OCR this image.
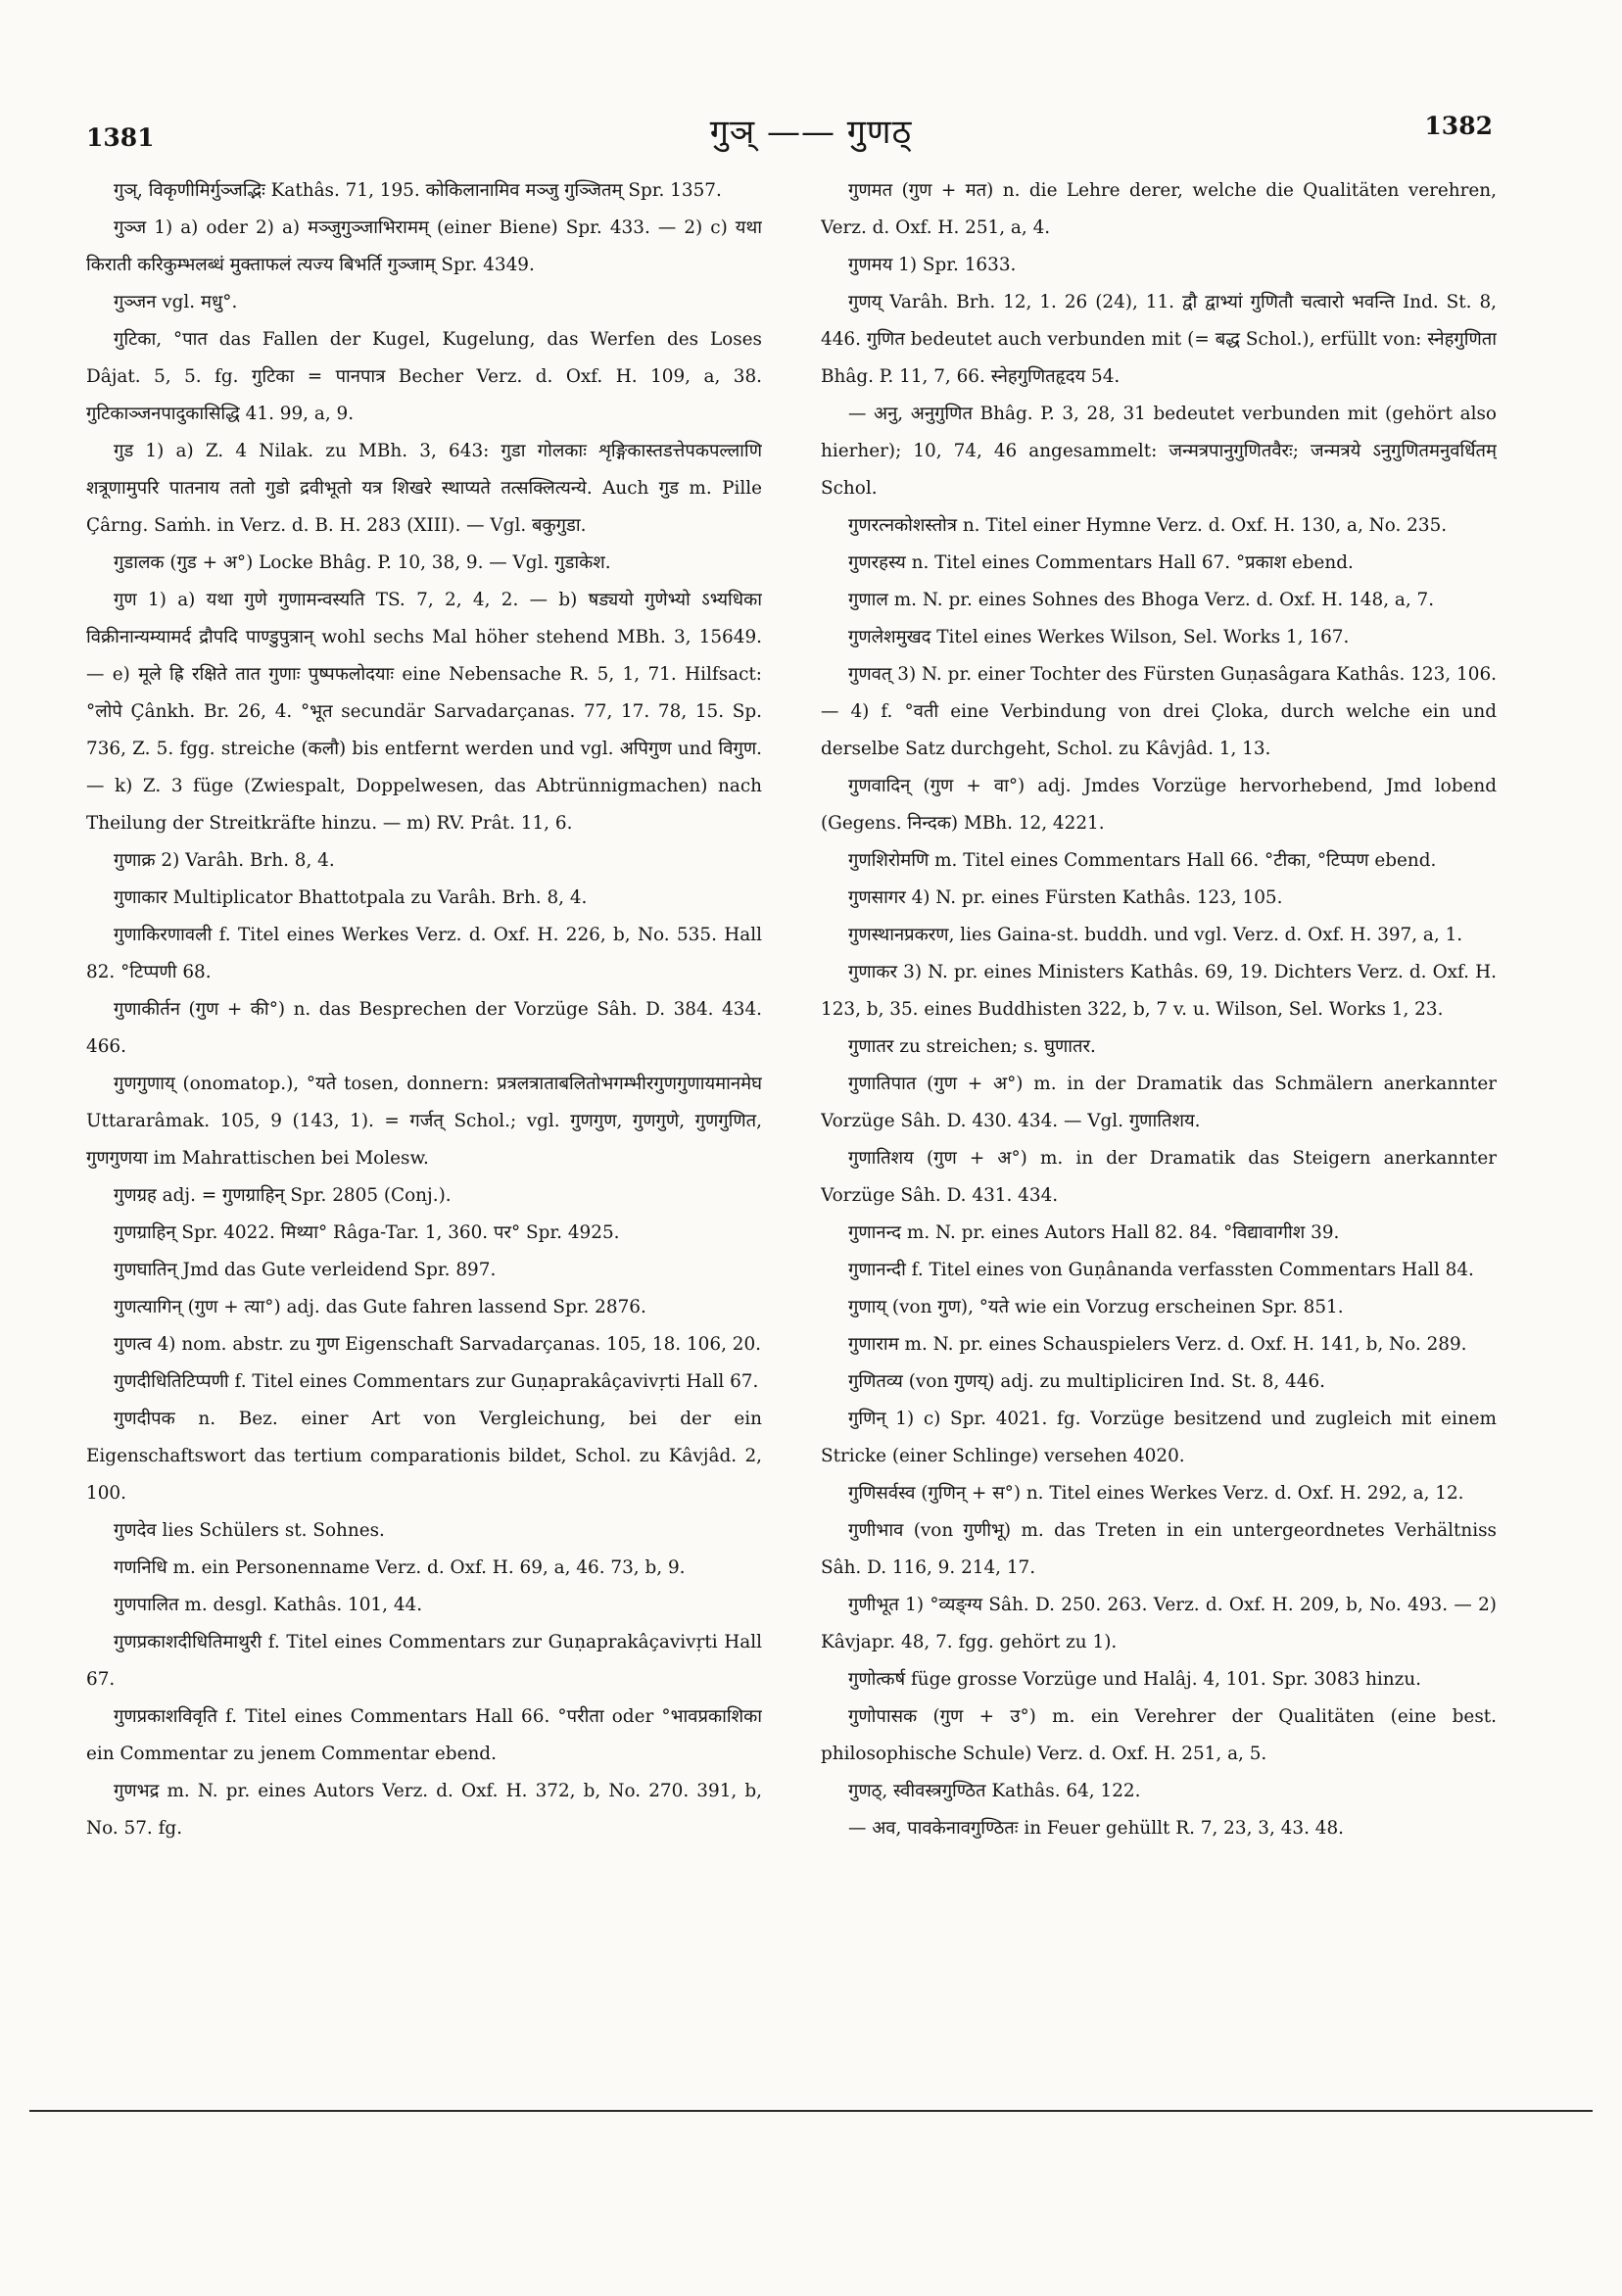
1381	गुञ् —— गुणठ्	1382

गुञ्, विकृणीमिर्गुञ्जद्भिः Kathâs. 71, 195. कोकिलानामिव मञ्जु गुञ्जितम् Spr. 1357.

गुञ्ज 1) a) oder 2) a) मञ्जुगुञ्जाभिरामम् (einer Biene) Spr. 433. — 2) c) यथा किराती करिकुम्भलब्धं मुक्ताफलं त्यज्य बिभर्ति गुञ्जाम् Spr. 4349.

गुञ्जन vgl. मधु°.

गुटिका, °पात das Fallen der Kugel, Kugelung, das Werfen des Loses Dâjat. 5, 5. fg. गुटिका = पानपात्र Becher Verz. d. Oxf. H. 109, a, 38. गुटिकाञ्जनपादुकासिद्धि 41. 99, a, 9.

गुड 1) a) Z. 4 Nilak. zu MBh. 3, 643: गुडा गोलकाः शृङ्गिकास्तडत्तेपकपल्लाणि शत्रूणामुपरि पातनाय ततो गुडो द्रवीभूतो यत्र शिखरे स्थाप्यते तत्सक्लित्यन्ये. Auch गुड m. Pille Çârng. Saṁh. in Verz. d. B. H. 283 (XIII). — Vgl. बकुगुडा.

गुडालक (गुड + अ°) Locke Bhâg. P. 10, 38, 9. — Vgl. गुडाकेश.

गुण 1) a) यथा गुणे गुणामन्वस्यति TS. 7, 2, 4, 2. — b) षड्ययो गुणेभ्यो ऽभ्यधिका विक्रीनान्यम्यामर्द द्रौपदि पाण्डुपुत्रान् wohl sechs Mal höher stehend MBh. 3, 15649. — e) मूले ह्रि रक्षिते तात गुणाः पुष्पफलोदयाः eine Nebensache R. 5, 1, 71. Hilfsact: °लोपे Çânkh. Br. 26, 4. °भूत secundär Sarvadarçanas. 77, 17. 78, 15. Sp. 736, Z. 5. fgg. streiche (कलौ) bis entfernt werden und vgl. अपिगुण und विगुण. — k) Z. 3 füge (Zwiespalt, Doppelwesen, das Abtrünnigmachen) nach Theilung der Streitkräfte hinzu. — m) RV. Prât. 11, 6.

गुणाक्र 2) Varâh. Brh. 8, 4.

गुणाकार Multiplicator Bhattotpala zu Varâh. Brh. 8, 4.

गुणाकिरणावली f. Titel eines Werkes Verz. d. Oxf. H. 226, b, No. 535. Hall 82. °टिप्पणी 68.

गुणाकीर्तन (गुण + की°) n. das Besprechen der Vorzüge Sâh. D. 384. 434. 466.

गुणगुणाय् (onomatop.), °यते tosen, donnern: प्रत्रलत्राताबलितोभगम्भीरगुणगुणायमानमेघ Uttararâmak. 105, 9 (143, 1). = गर्जत् Schol.; vgl. गुणगुण, गुणगुणे, गुणगुणित, गुणगुणया im Mahrattischen bei Molesw.

गुणग्रह adj. = गुणग्राहिन् Spr. 2805 (Conj.).

गुणग्राहिन् Spr. 4022. मिथ्या° Râga-Tar. 1, 360. पर° Spr. 4925.

गुणघातिन् Jmd das Gute verleidend Spr. 897.

गुणत्यागिन् (गुण + त्या°) adj. das Gute fahren lassend Spr. 2876.

गुणत्व 4) nom. abstr. zu गुण Eigenschaft Sarvadarçanas. 105, 18. 106, 20.

गुणदीधितिटिप्पणी f. Titel eines Commentars zur Guṇaprakâçavivṛti Hall 67.

गुणदीपक n. Bez. einer Art von Vergleichung, bei der ein Eigenschaftswort das tertium comparationis bildet, Schol. zu Kâvjâd. 2, 100.

गुणदेव lies Schülers st. Sohnes.

गणनिधि m. ein Personenname Verz. d. Oxf. H. 69, a, 46. 73, b, 9.

गुणपालित m. desgl. Kathâs. 101, 44.

गुणप्रकाशदीधितिमाथुरी f. Titel eines Commentars zur Guṇaprakâçavivṛti Hall 67.

गुणप्रकाशविवृति f. Titel eines Commentars Hall 66. °परीता oder °भावप्रकाशिका ein Commentar zu jenem Commentar ebend.

गुणभद्र m. N. pr. eines Autors Verz. d. Oxf. H. 372, b, No. 270. 391, b, No. 57. fg.

गुणमत (गुण + मत) n. die Lehre derer, welche die Qualitäten verehren, Verz. d. Oxf. H. 251, a, 4.

गुणमय 1) Spr. 1633.

गुणय् Varâh. Brh. 12, 1. 26 (24), 11. द्वौ द्वाभ्यां गुणितौ चत्वारो भवन्ति Ind. St. 8, 446. गुणित bedeutet auch verbunden mit (= बद्ध Schol.), erfüllt von: स्नेहगुणिता Bhâg. P. 11, 7, 66. स्नेहगुणितहृदय 54.

— अनु, अनुगुणित Bhâg. P. 3, 28, 31 bedeutet verbunden mit (gehört also hierher); 10, 74, 46 angesammelt: जन्मत्रपानुगुणितवैरः; जन्मत्रये ऽनुगुणितमनुवर्धितम् Schol.

गुणरत्नकोशस्तोत्र n. Titel einer Hymne Verz. d. Oxf. H. 130, a, No. 235.

गुणरहस्य n. Titel eines Commentars Hall 67. °प्रकाश ebend.

गुणाल m. N. pr. eines Sohnes des Bhoga Verz. d. Oxf. H. 148, a, 7.

गुणलेशमुखद Titel eines Werkes Wilson, Sel. Works 1, 167.

गुणवत् 3) N. pr. einer Tochter des Fürsten Guṇasâgara Kathâs. 123, 106. — 4) f. °वती eine Verbindung von drei Çloka, durch welche ein und derselbe Satz durchgeht, Schol. zu Kâvjâd. 1, 13.

गुणवादिन् (गुण + वा°) adj. Jmdes Vorzüge hervorhebend, Jmd lobend (Gegens. निन्दक) MBh. 12, 4221.

गुणशिरोमणि m. Titel eines Commentars Hall 66. °टीका, °टिप्पण ebend.

गुणसागर 4) N. pr. eines Fürsten Kathâs. 123, 105.

गुणस्थानप्रकरण, lies Gaina-st. buddh. und vgl. Verz. d. Oxf. H. 397, a, 1.

गुणाकर 3) N. pr. eines Ministers Kathâs. 69, 19. Dichters Verz. d. Oxf. H. 123, b, 35. eines Buddhisten 322, b, 7 v. u. Wilson, Sel. Works 1, 23.

गुणातर zu streichen; s. घुणातर.

गुणातिपात (गुण + अ°) m. in der Dramatik das Schmälern anerkannter Vorzüge Sâh. D. 430. 434. — Vgl. गुणातिशय.

गुणातिशय (गुण + अ°) m. in der Dramatik das Steigern anerkannter Vorzüge Sâh. D. 431. 434.

गुणानन्द m. N. pr. eines Autors Hall 82. 84. °विद्यावागीश 39.

गुणानन्दी f. Titel eines von Guṇânanda verfassten Commentars Hall 84.

गुणाय् (von गुण), °यते wie ein Vorzug erscheinen Spr. 851.

गुणाराम m. N. pr. eines Schauspielers Verz. d. Oxf. H. 141, b, No. 289.

गुणितव्य (von गुणय्) adj. zu multipliciren Ind. St. 8, 446.

गुणिन् 1) c) Spr. 4021. fg. Vorzüge besitzend und zugleich mit einem Stricke (einer Schlinge) versehen 4020.

गुणिसर्वस्व (गुणिन् + स°) n. Titel eines Werkes Verz. d. Oxf. H. 292, a, 12.

गुणीभाव (von गुणीभू) m. das Treten in ein untergeordnetes Verhältniss Sâh. D. 116, 9. 214, 17.

गुणीभूत 1) °व्यङ्ग्य Sâh. D. 250. 263. Verz. d. Oxf. H. 209, b, No. 493. — 2) Kâvjapr. 48, 7. fgg. gehört zu 1).

गुणोत्कर्ष füge grosse Vorzüge und Halâj. 4, 101. Spr. 3083 hinzu.

गुणोपासक (गुण + उ°) m. ein Verehrer der Qualitäten (eine best. philosophische Schule) Verz. d. Oxf. H. 251, a, 5.

गुणठ्, स्वीवस्त्रगुण्ठित Kathâs. 64, 122.

— अव, पावकेनावगुण्ठितः in Feuer gehüllt R. 7, 23, 3, 43. 48.
